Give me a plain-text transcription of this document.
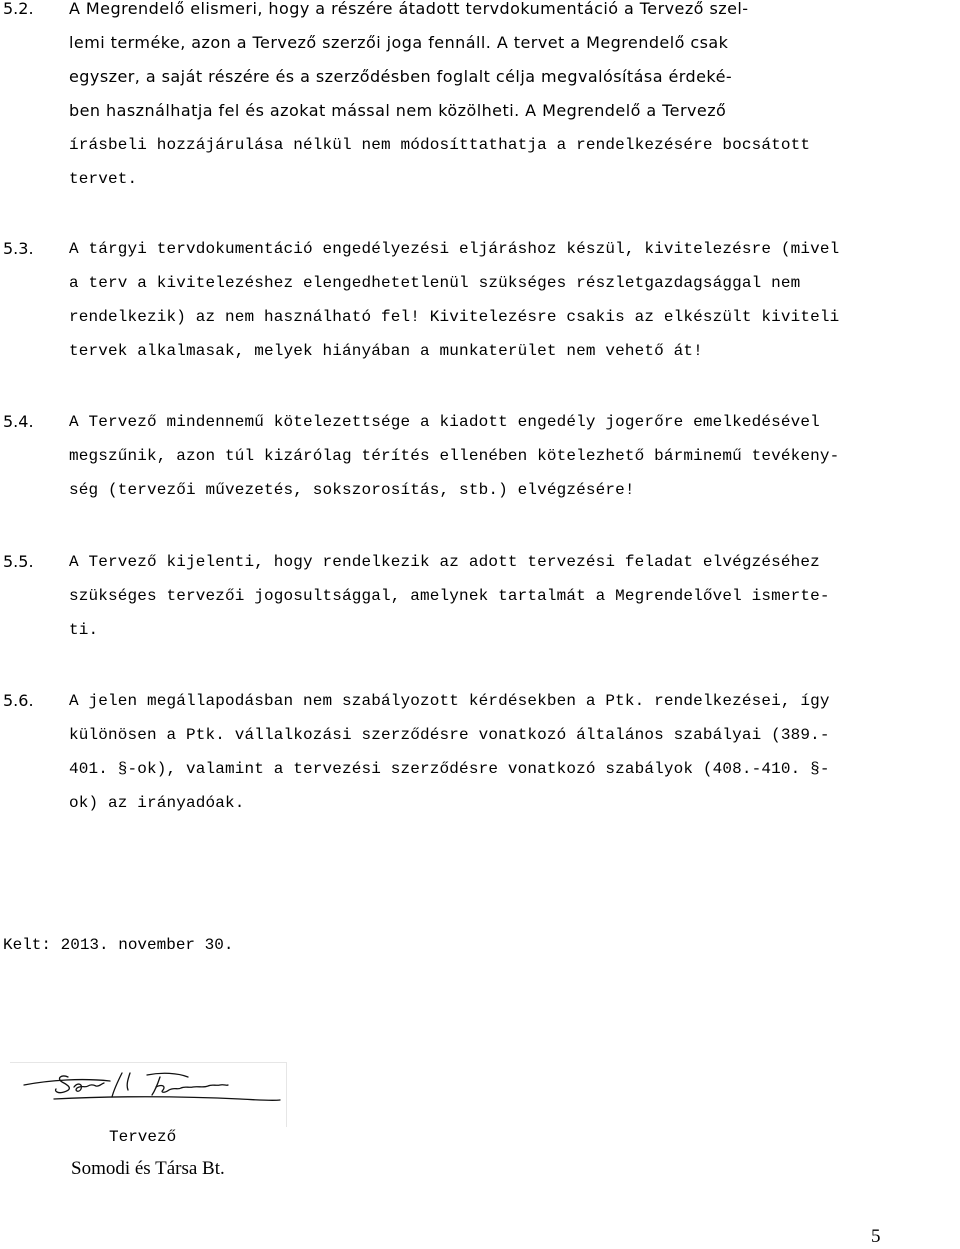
5.2. A Megrendelő elismeri, hogy a részére átadott tervdokumentáció a Tervező szel-
lemi terméke, azon a Tervező szerzői joga fennáll. A tervet a Megrendelő csak
egyszer, a saját részére és a szerződésben foglalt célja megvalósítása érdeké-
ben használhatja fel és azokat mással nem közölheti. A Megrendelő a Tervező
írásbeli hozzájárulása nélkül nem módosíttathatja a rendelkezésére bocsátott
tervet.
5.3. A tárgyi tervdokumentáció engedélyezési eljáráshoz készül, kivitelezésre (mivel
a terv a kivitelezéshez elengedhetetlenül szükséges részletgazdagsággal nem
rendelkezik) az nem használható fel! Kivitelezésre csakis az elkészült kiviteli
tervek alkalmasak, melyek hiányában a munkaterület nem vehető át!
5.4. A Tervező mindennemű kötelezettsége a kiadott engedély jogerőre emelkedésével
megszűnik, azon túl kizárólag térítés ellenében kötelezhető bárminemű tevékeny-
ség (tervezői művezetés, sokszorosítás, stb.) elvégzésére!
5.5. A Tervező kijelenti, hogy rendelkezik az adott tervezési feladat elvégzéséhez
szükséges tervezői jogosultsággal, amelynek tartalmát a Megrendelővel ismerte-
ti.
5.6. A jelen megállapodásban nem szabályozott kérdésekben a Ptk. rendelkezései, így
különösen a Ptk. vállalkozási szerződésre vonatkozó általános szabályai (389.-
401. §-ok), valamint a tervezési szerződésre vonatkozó szabályok (408.-410. §-
ok) az irányadóak.
Kelt: 2013. november 30.
Tervező
Somodi és Társa Bt.
5
